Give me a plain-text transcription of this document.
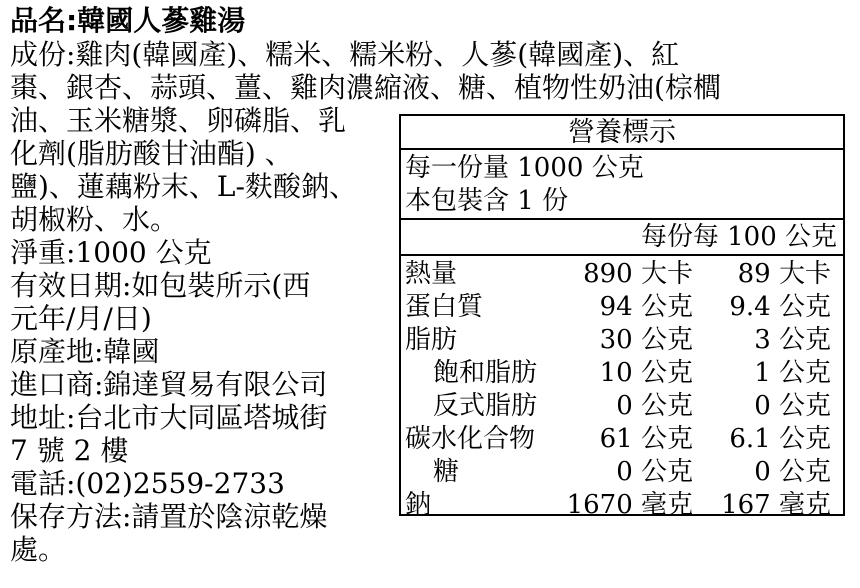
品名:韓國人蔘雞湯
成份:雞肉(韓國產)、糯米、糯米粉、人蔘(韓國產)、紅
棗、銀杏、蒜頭、薑、雞肉濃縮液、糖、植物性奶油(棕櫚
油、玉米糖漿、卵磷脂、乳
化劑(脂肪酸甘油酯) 、
鹽)、蓮藕粉末、L-麩酸鈉、
胡椒粉、水。
淨重:1000 公克
有效日期:如包裝所示(西
元年/月/日)
原產地:韓國
進口商:錦達貿易有限公司
地址:台北市大同區塔城街
7 號 2 樓
電話:(02)2559-2733
保存方法:請置於陰涼乾燥
處。
營養標示
每一份量 1000 公克
本包裝含 1 份
每份 每 100 公克
熱量	890 大卡 89 大卡
蛋白質	94 公克 9.4 公克
脂肪	30 公克 3 公克
飽和脂肪 10 公克 1 公克
反式脂肪	0 公克 0 公克
碳水化合物 61 公克 6.1 公克
糖	0 公克 0 公克
鈉	1670 毫克 167 毫克
